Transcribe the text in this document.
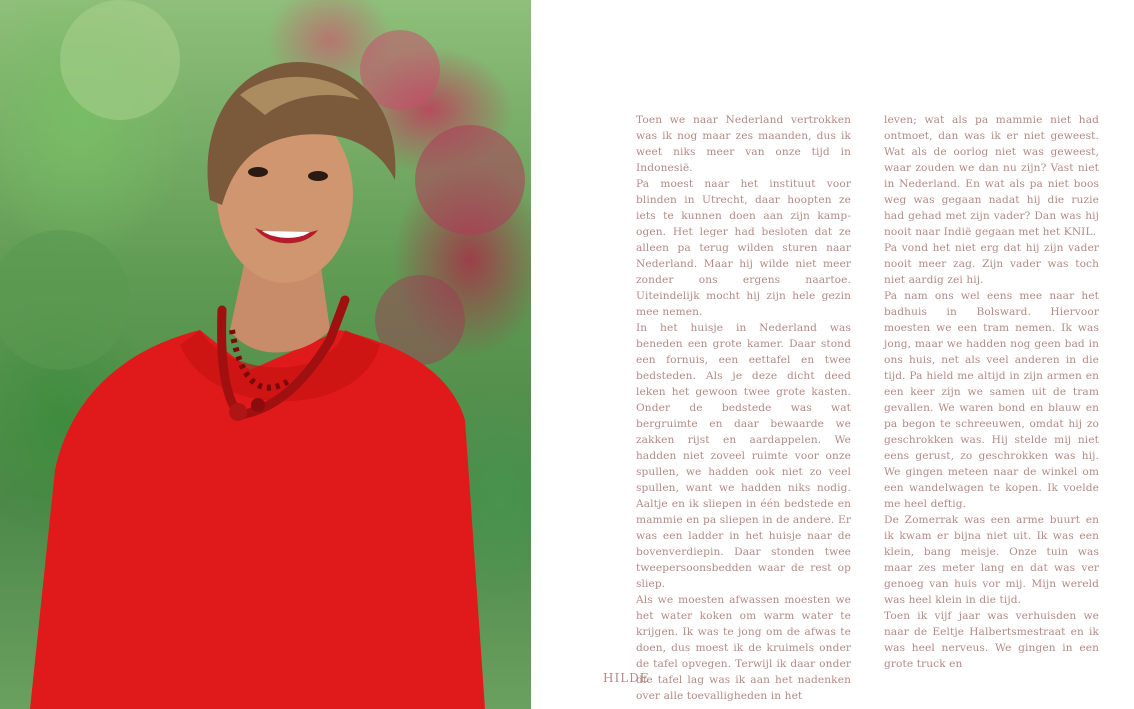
Toen we naar Nederland vertrokken was ik nog maar zes maanden, dus ik weet niks meer van onze tijd in Indonesië.

Pa moest naar het instituut voor blinden in Utrecht, daar hoopten ze iets te kunnen doen aan zijn kamp-ogen. Het leger had besloten dat ze alleen pa terug wilden sturen naar Nederland. Maar hij wilde niet meer zonder ons ergens naartoe. Uiteindelijk mocht hij zijn hele gezin mee nemen.

In het huisje in Nederland was beneden een grote kamer. Daar stond een fornuis, een eettafel en twee bedsteden. Als je deze dicht deed leken het gewoon twee grote kasten. Onder de bedstede was wat bergruimte en daar bewaarde we zakken rijst en aardappelen. We hadden niet zoveel ruimte voor onze spullen, we hadden ook niet zo veel spullen, want we hadden niks nodig. Aaltje en ik sliepen in één bedstede en mammie en pa sliepen in de andere. Er was een ladder in het huisje naar de bovenverdiepin. Daar stonden twee tweepersoonsbedden waar de rest op sliep.

Als we moesten afwassen moesten we het water koken om warm water te krijgen. Ik was te jong om de afwas te doen, dus moest ik de kruimels onder de tafel opvegen. Terwijl ik daar onder die tafel lag was ik aan het nadenken over alle toevalligheden in het

leven; wat als pa mammie niet had ontmoet, dan was ik er niet geweest. Wat als de oorlog niet was geweest, waar zouden we dan nu zijn? Vast niet in Nederland. En wat als pa niet boos weg was gegaan nadat hij die ruzie had gehad met zijn vader? Dan was hij nooit naar Indië gegaan met het KNIL.

Pa vond het niet erg dat hij zijn vader nooit meer zag. Zijn vader was toch niet aardig zei hij.

Pa nam ons wel eens mee naar het badhuis in Bolsward. Hiervoor moesten we een tram nemen. Ik was jong, maar we hadden nog geen bad in ons huis, net als veel anderen in die tijd. Pa hield me altijd in zijn armen en een keer zijn we samen uit de tram gevallen. We waren bond en blauw en pa begon te schreeuwen, omdat hij zo geschrokken was. Hij stelde mij niet eens gerust, zo geschrokken was hij. We gingen meteen naar de winkel om een wandelwagen te kopen. Ik voelde me heel deftig.

De Zomerrak was een arme buurt en ik kwam er bijna niet uit. Ik was een klein, bang meisje. Onze tuin was maar zes meter lang en dat was ver genoeg van huis vor mij. Mijn wereld was heel klein in die tijd.

Toen ik vijf jaar was verhuisden we naar de Eeltje Halbertsmestraat en ik was heel nerveus. We gingen in een grote truck en

HILDE
